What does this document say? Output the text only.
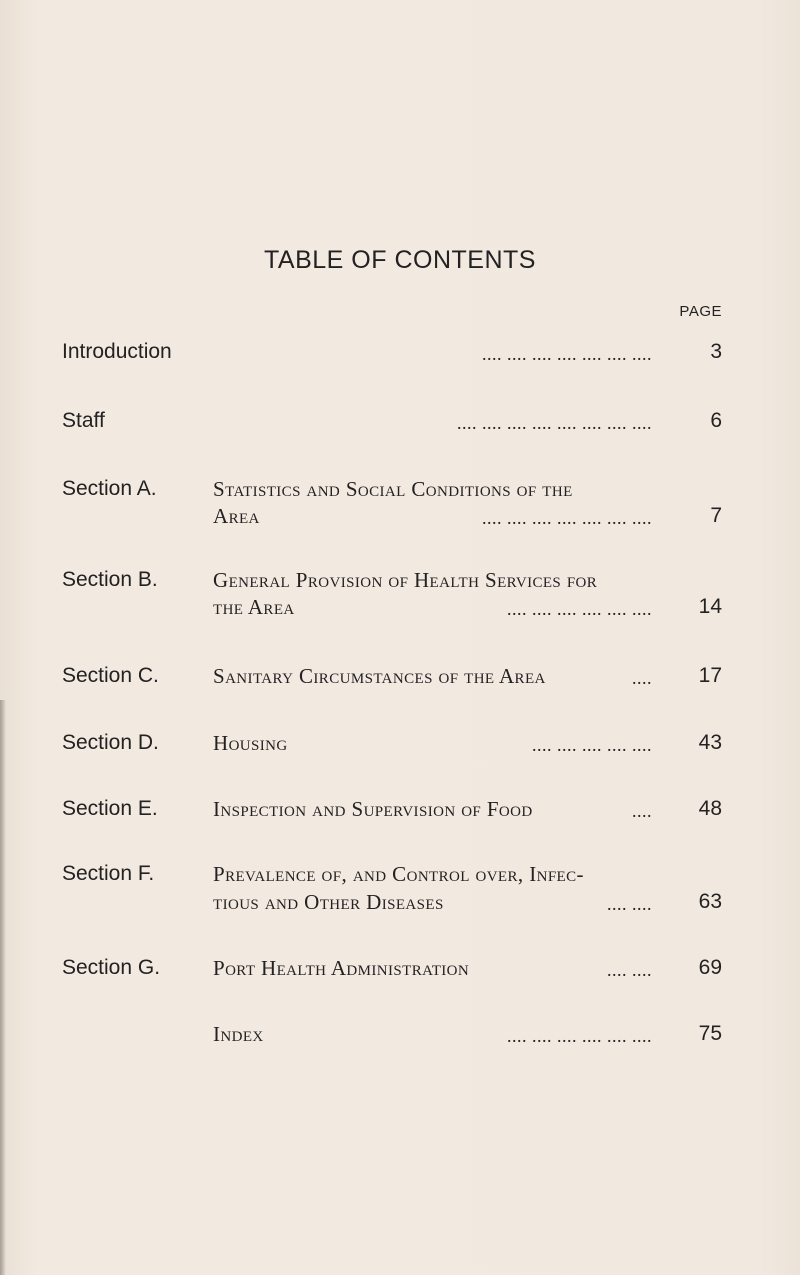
TABLE OF CONTENTS
PAGE
Introduction	.... .... .... .... .... .... ....	3
Staff	.... .... .... .... .... .... .... ....	6
Section A.	Statistics and Social Conditions of the
Area	.... .... .... .... .... .... ....	7
Section B.	General Provision of Health Services for
the Area	.... .... .... .... .... ....	14
Section C.	Sanitary Circumstances of the Area	....	17
Section D.	Housing	.... .... .... .... ....	43
Section E.	Inspection and Supervision of Food	....	48
Section F.	Prevalence of, and Control over, Infec-
tious and Other Diseases	.... ....	63
Section G.	Port Health Administration	.... ....	69
Index	.... .... .... .... .... ....	75
